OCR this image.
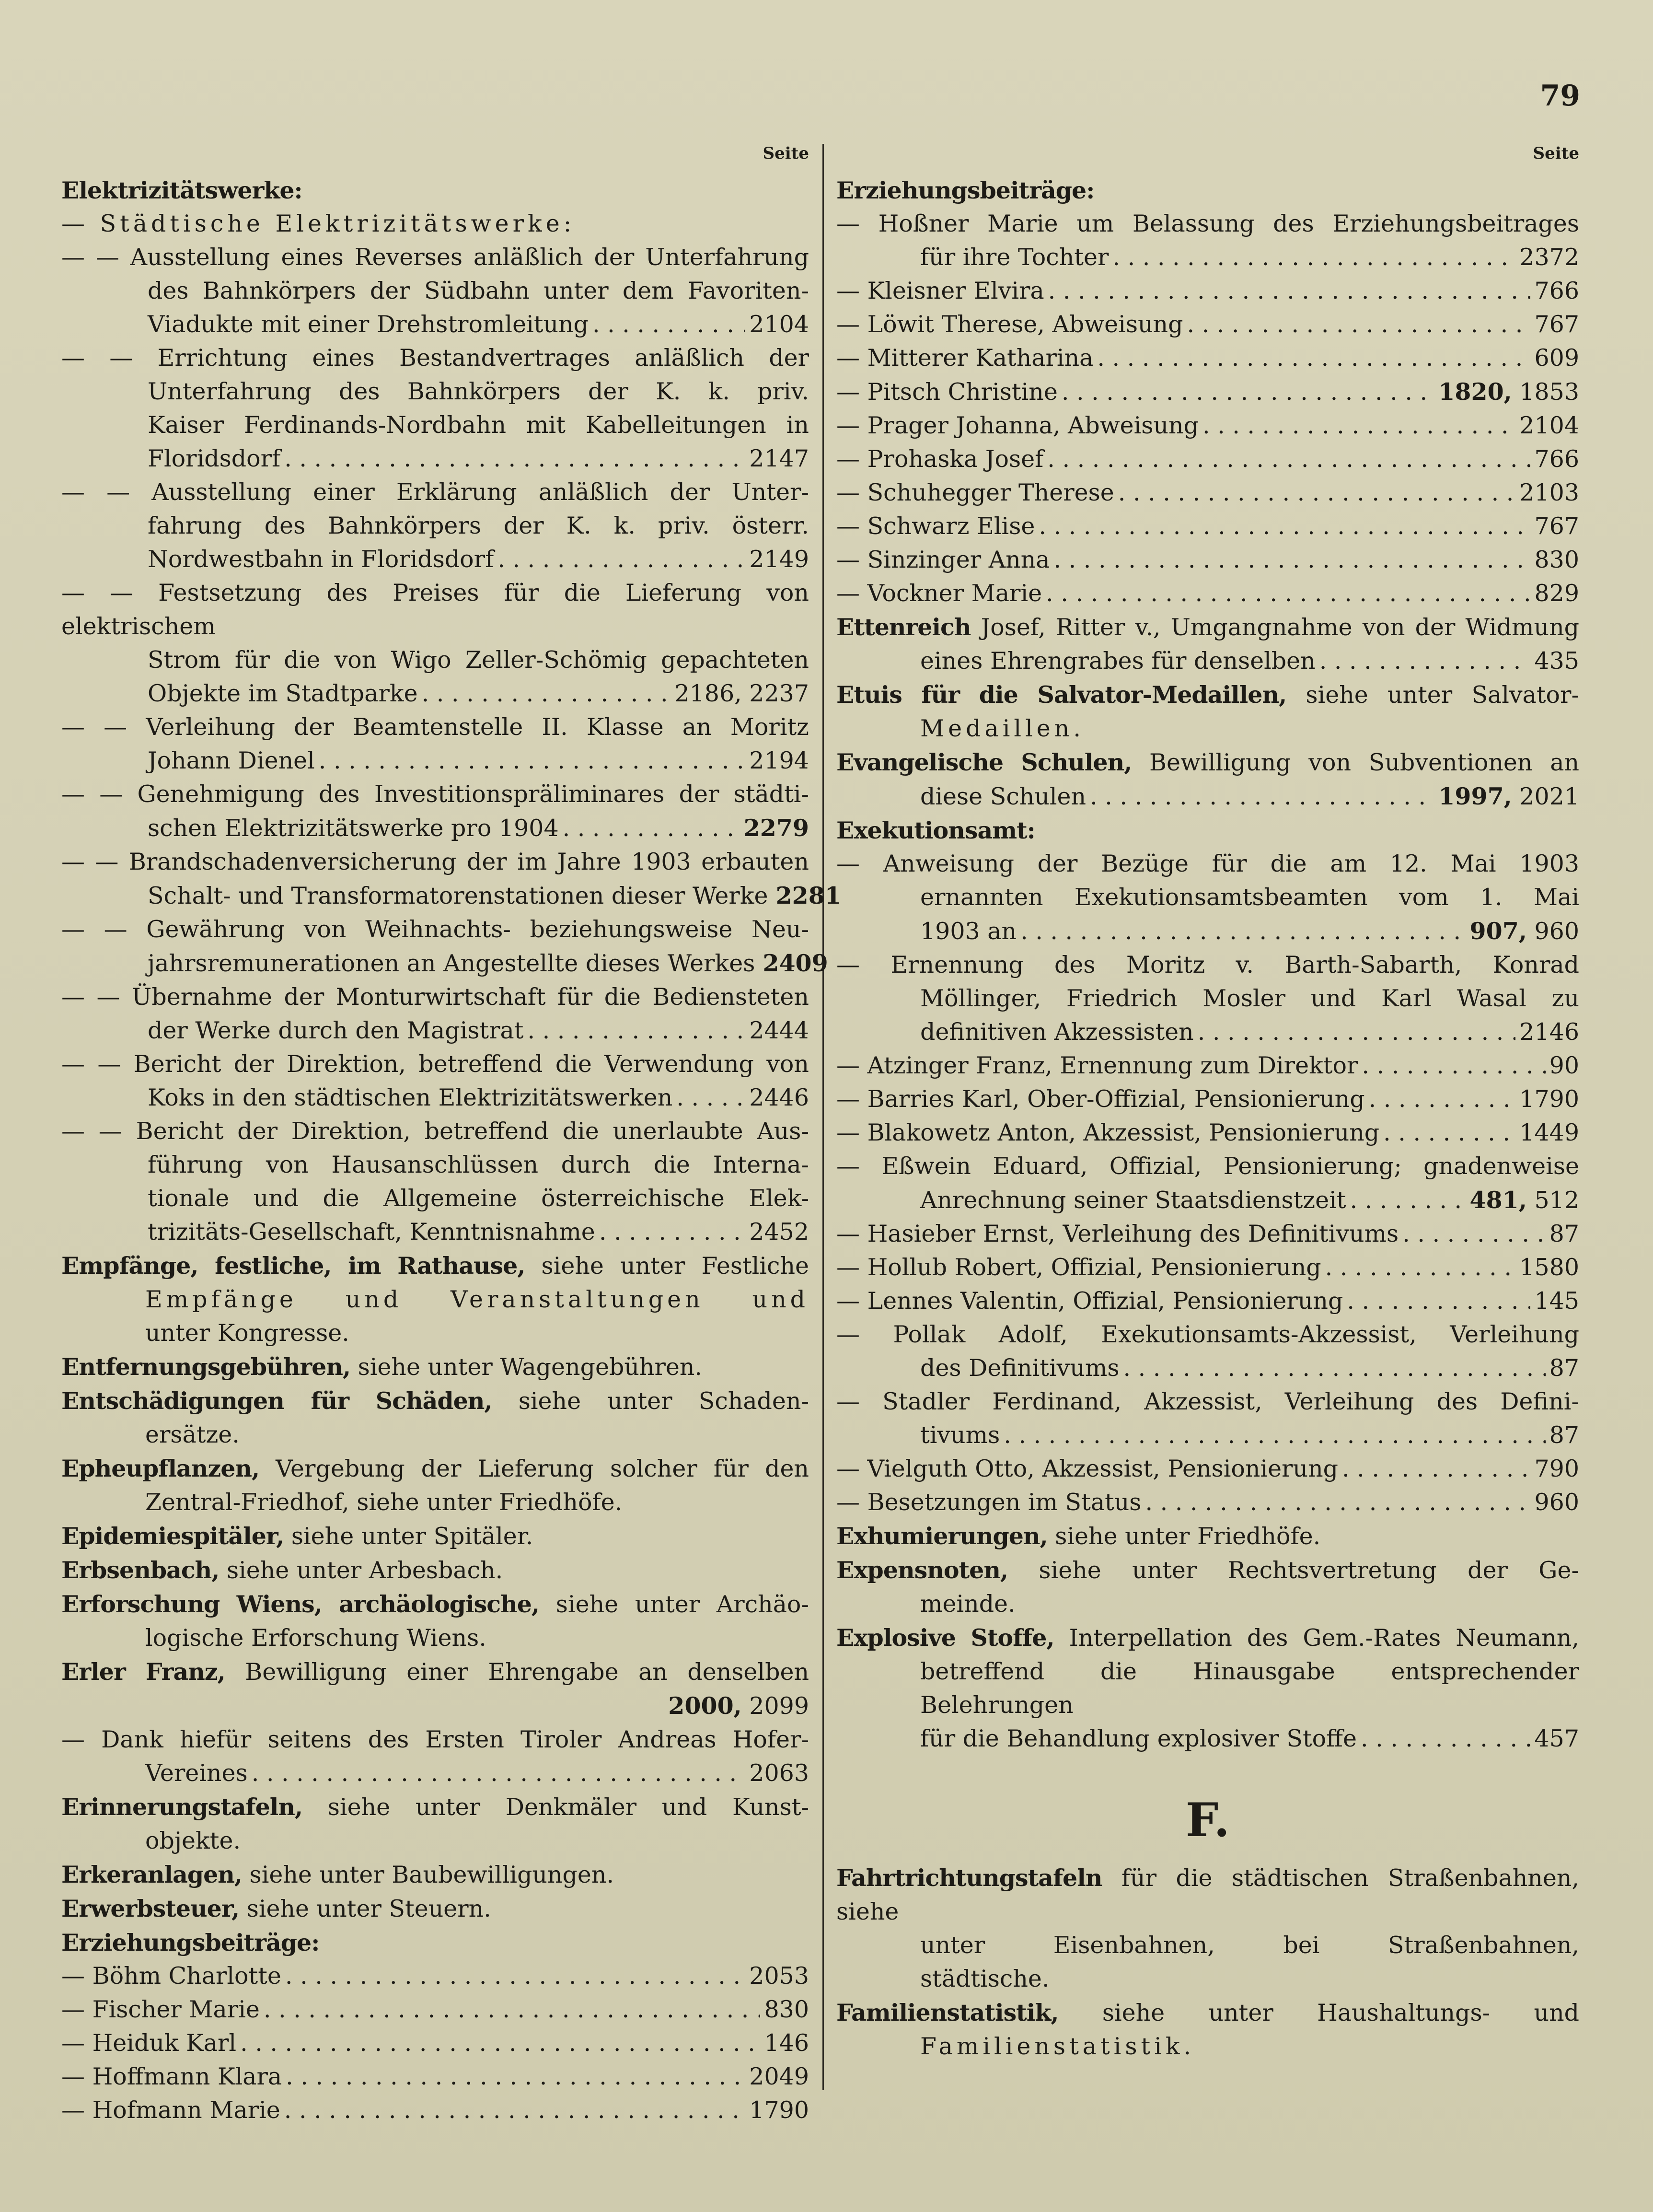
79
Seite
Elektrizitätswerke:
— Städtische Elektrizitätswerke:
— — Ausstellung eines Reverses anläßlich der Unterfahrung
des Bahnkörpers der Südbahn unter dem Favoriten-
Viadukte mit einer Drehstromleitung . . .	2104
— — Errichtung eines Bestandvertrages anläßlich der
Unterfahrung des Bahnkörpers der K. k. priv.
Kaiser Ferdinands-Nordbahn mit Kabelleitungen in
Floridsdorf . . .	2147
— — Ausstellung einer Erklärung anläßlich der Unter-
fahrung des Bahnkörpers der K. k. priv. österr.
Nordwestbahn in Floridsdorf . . .	2149
— — Festsetzung des Preises für die Lieferung von elektrischem
Strom für die von Wigo Zeller-Schömig gepachteten
Objekte im Stadtparke . . .	2186, 2237
— — Verleihung der Beamtenstelle II. Klasse an Moritz
Johann Dienel . . .	2194
— — Genehmigung des Investitionspräliminares der städti-
schen Elektrizitätswerke pro 1904 . . .	2279
— — Brandschadenversicherung der im Jahre 1903 erbauten
Schalt- und Transformatorenstationen dieser Werke 2281
— — Gewährung von Weihnachts- beziehungsweise Neu-
jahrsremunerationen an Angestellte dieses Werkes 2409
— — Übernahme der Monturwirtschaft für die Bediensteten
der Werke durch den Magistrat . . .	2444
— — Bericht der Direktion, betreffend die Verwendung von
Koks in den städtischen Elektrizitätswerken . . .	2446
— — Bericht der Direktion, betreffend die unerlaubte Aus-
führung von Hausanschlüssen durch die Interna-
tionale und die Allgemeine österreichische Elek-
trizitäts-Gesellschaft, Kenntnisnahme . . .	2452
Empfänge, festliche, im Rathause, siehe unter Festliche
Empfänge und Veranstaltungen und
unter Kongresse.
Entfernungsgebühren, siehe unter Wagengebühren.
Entschädigungen für Schäden, siehe unter Schaden-
ersätze.
Epheupflanzen, Vergebung der Lieferung solcher für den
Zentral-Friedhof, siehe unter Friedhöfe.
Epidemiespitäler, siehe unter Spitäler.
Erbsenbach, siehe unter Arbesbach.
Erforschung Wiens, archäologische, siehe unter Archäo-
logische Erforschung Wiens.
Erler Franz, Bewilligung einer Ehrengabe an denselben
2000, 2099
— Dank hiefür seitens des Ersten Tiroler Andreas Hofer-
Vereines . . .	2063
Erinnerungstafeln, siehe unter Denkmäler und Kunst-
objekte.
Erkeranlagen, siehe unter Baubewilligungen.
Erwerbsteuer, siehe unter Steuern.
Erziehungsbeiträge:
— Böhm Charlotte . . .	2053
— Fischer Marie . . .	830
— Heiduk Karl . . .	146
— Hoffmann Klara . . .	2049
— Hofmann Marie . . .	1790
Seite
Erziehungsbeiträge:
— Hoßner Marie um Belassung des Erziehungsbeitrages
für ihre Tochter . . .	2372
— Kleisner Elvira . . .	766
— Löwit Therese, Abweisung . . .	767
— Mitterer Katharina . . .	609
— Pitsch Christine . . .	1820, 1853
— Prager Johanna, Abweisung . . .	2104
— Prohaska Josef . . .	766
— Schuhegger Therese . . .	2103
— Schwarz Elise . . .	767
— Sinzinger Anna . . .	830
— Vockner Marie . . .	829
Ettenreich Josef, Ritter v., Umgangnahme von der Widmung
eines Ehrengrabes für denselben . . .	435
Etuis für die Salvator-Medaillen, siehe unter Salvator-
Medaillen.
Evangelische Schulen, Bewilligung von Subventionen an
diese Schulen . . .	1997, 2021
Exekutionsamt:
— Anweisung der Bezüge für die am 12. Mai 1903
ernannten Exekutionsamtsbeamten vom 1. Mai
1903 an . . .	907, 960
— Ernennung des Moritz v. Barth-Sabarth, Konrad
Möllinger, Friedrich Mosler und Karl Wasal zu
definitiven Akzessisten . . .	2146
— Atzinger Franz, Ernennung zum Direktor . . .	90
— Barries Karl, Ober-Offizial, Pensionierung . . .	1790
— Blakowetz Anton, Akzessist, Pensionierung . . .	1449
— Eßwein Eduard, Offizial, Pensionierung; gnadenweise
Anrechnung seiner Staatsdienstzeit . . .	481, 512
— Hasieber Ernst, Verleihung des Definitivums . . .	87
— Hollub Robert, Offizial, Pensionierung . . .	1580
— Lennes Valentin, Offizial, Pensionierung . . .	145
— Pollak Adolf, Exekutionsamts-Akzessist, Verleihung
des Definitivums . . .	87
— Stadler Ferdinand, Akzessist, Verleihung des Defini-
tivums . . .	87
— Vielguth Otto, Akzessist, Pensionierung . . .	790
— Besetzungen im Status . . .	960
Exhumierungen, siehe unter Friedhöfe.
Expensnoten, siehe unter Rechtsvertretung der Ge-
meinde.
Explosive Stoffe, Interpellation des Gem.-Rates Neumann,
betreffend die Hinausgabe entsprechender Belehrungen
für die Behandlung explosiver Stoffe . . .	457
F.
Fahrtrichtungstafeln für die städtischen Straßenbahnen, siehe
unter Eisenbahnen, bei Straßenbahnen,
städtische.
Familienstatistik, siehe unter Haushaltungs- und
Familienstatistik.
